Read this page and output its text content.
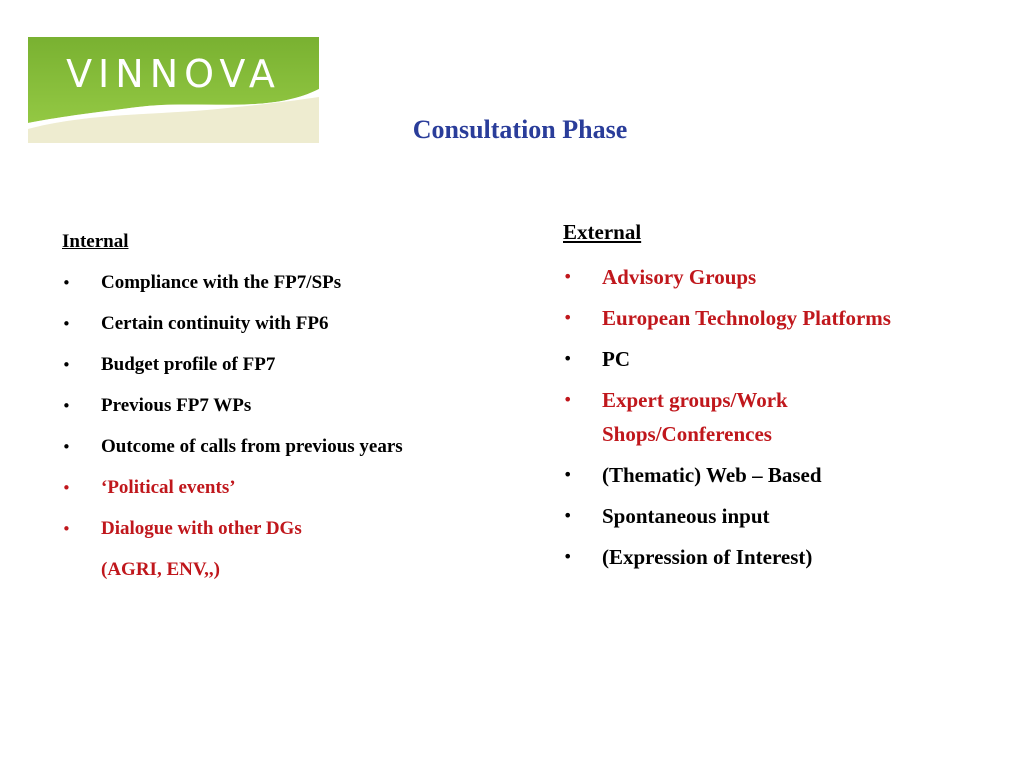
VINNOVA
Consultation Phase

Internal

• Compliance with the FP7/SPs
• Certain continuity with FP6
• Budget profile of FP7
• Previous FP7 WPs
• Outcome of calls from previous years
• ‘Political events’
• Dialogue with other DGs
(AGRI, ENV,,)

External

• Advisory Groups
• European Technology Platforms
• PC
• Expert groups/Work Shops/Conferences
• (Thematic) Web – Based
• Spontaneous input
• (Expression of Interest)
